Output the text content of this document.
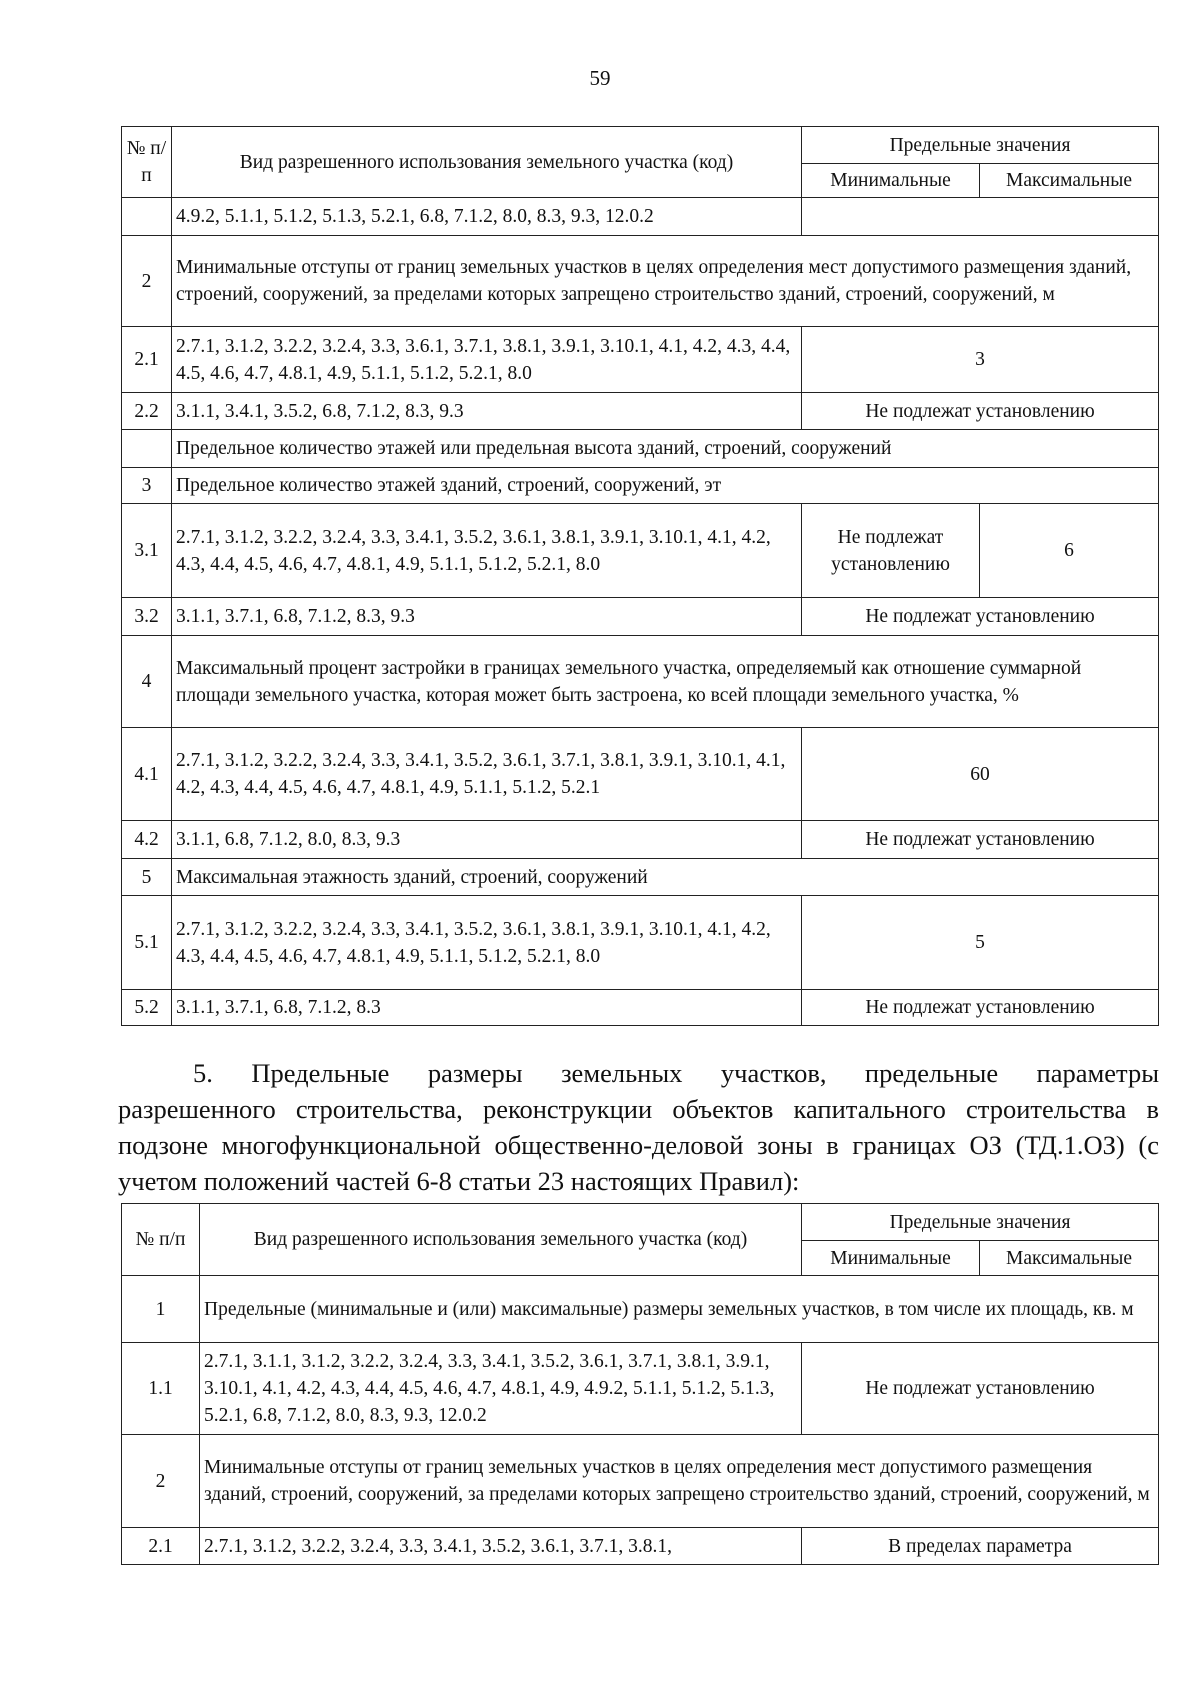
59
№ п/п	Вид разрешенного использования земельного участка (код)	Предельные значения	
		Минимальные	Максимальные
	4.9.2, 5.1.1, 5.1.2, 5.1.3, 5.2.1, 6.8, 7.1.2, 8.0, 8.3, 9.3, 12.0.2		
2	Минимальные отступы от границ земельных участков в целях определения мест допустимого размещения зданий, строений, сооружений, за пределами которых запрещено строительство зданий, строений, сооружений, м		
2.1	2.7.1, 3.1.2, 3.2.2, 3.2.4, 3.3, 3.6.1, 3.7.1, 3.8.1, 3.9.1, 3.10.1, 4.1, 4.2, 4.3, 4.4, 4.5, 4.6, 4.7, 4.8.1, 4.9, 5.1.1, 5.1.2, 5.2.1, 8.0	3	
2.2	3.1.1, 3.4.1, 3.5.2, 6.8, 7.1.2, 8.3, 9.3	Не подлежат установлению	
	Предельное количество этажей или предельная высота зданий, строений, сооружений		
3	Предельное количество этажей зданий, строений, сооружений, эт		
3.1	2.7.1, 3.1.2, 3.2.2, 3.2.4, 3.3, 3.4.1, 3.5.2, 3.6.1, 3.8.1, 3.9.1, 3.10.1, 4.1, 4.2, 4.3, 4.4, 4.5, 4.6, 4.7, 4.8.1, 4.9, 5.1.1, 5.1.2, 5.2.1, 8.0	Не подлежат установлению	6
3.2	3.1.1, 3.7.1, 6.8, 7.1.2, 8.3, 9.3	Не подлежат установлению	
4	Максимальный процент застройки в границах земельного участка, определяемый как отношение суммарной площади земельного участка, которая может быть застроена, ко всей площади земельного участка, %		
4.1	2.7.1, 3.1.2, 3.2.2, 3.2.4, 3.3, 3.4.1, 3.5.2, 3.6.1, 3.7.1, 3.8.1, 3.9.1, 3.10.1, 4.1, 4.2, 4.3, 4.4, 4.5, 4.6, 4.7, 4.8.1, 4.9, 5.1.1, 5.1.2, 5.2.1	60	
4.2	3.1.1, 6.8, 7.1.2, 8.0, 8.3, 9.3	Не подлежат установлению	
5	Максимальная этажность зданий, строений, сооружений		
5.1	2.7.1, 3.1.2, 3.2.2, 3.2.4, 3.3, 3.4.1, 3.5.2, 3.6.1, 3.8.1, 3.9.1, 3.10.1, 4.1, 4.2, 4.3, 4.4, 4.5, 4.6, 4.7, 4.8.1, 4.9, 5.1.1, 5.1.2, 5.2.1, 8.0	5	
5.2	3.1.1, 3.7.1, 6.8, 7.1.2, 8.3	Не подлежат установлению	

5. Предельные размеры земельных участков, предельные параметры
разрешенного строительства, реконструкции объектов капитального строительства в подзоне многофункциональной общественно-деловой зоны в границах ОЗ (ТД.1.ОЗ) (с учетом положений частей 6-8 статьи 23 настоящих Правил):

№ п/п	Вид разрешенного использования земельного участка (код)	Предельные значения	
		Минимальные	Максимальные
1	Предельные (минимальные и (или) максимальные) размеры земельных участков, в том числе их площадь, кв. м		
1.1	2.7.1, 3.1.1, 3.1.2, 3.2.2, 3.2.4, 3.3, 3.4.1, 3.5.2, 3.6.1, 3.7.1, 3.8.1, 3.9.1, 3.10.1, 4.1, 4.2, 4.3, 4.4, 4.5, 4.6, 4.7, 4.8.1, 4.9, 4.9.2, 5.1.1, 5.1.2, 5.1.3, 5.2.1, 6.8, 7.1.2, 8.0, 8.3, 9.3, 12.0.2	Не подлежат установлению	
2	Минимальные отступы от границ земельных участков в целях определения мест допустимого размещения зданий, строений, сооружений, за пределами которых запрещено строительство зданий, строений, сооружений, м		
2.1	2.7.1, 3.1.2, 3.2.2, 3.2.4, 3.3, 3.4.1, 3.5.2, 3.6.1, 3.7.1, 3.8.1,	В пределах параметра	
